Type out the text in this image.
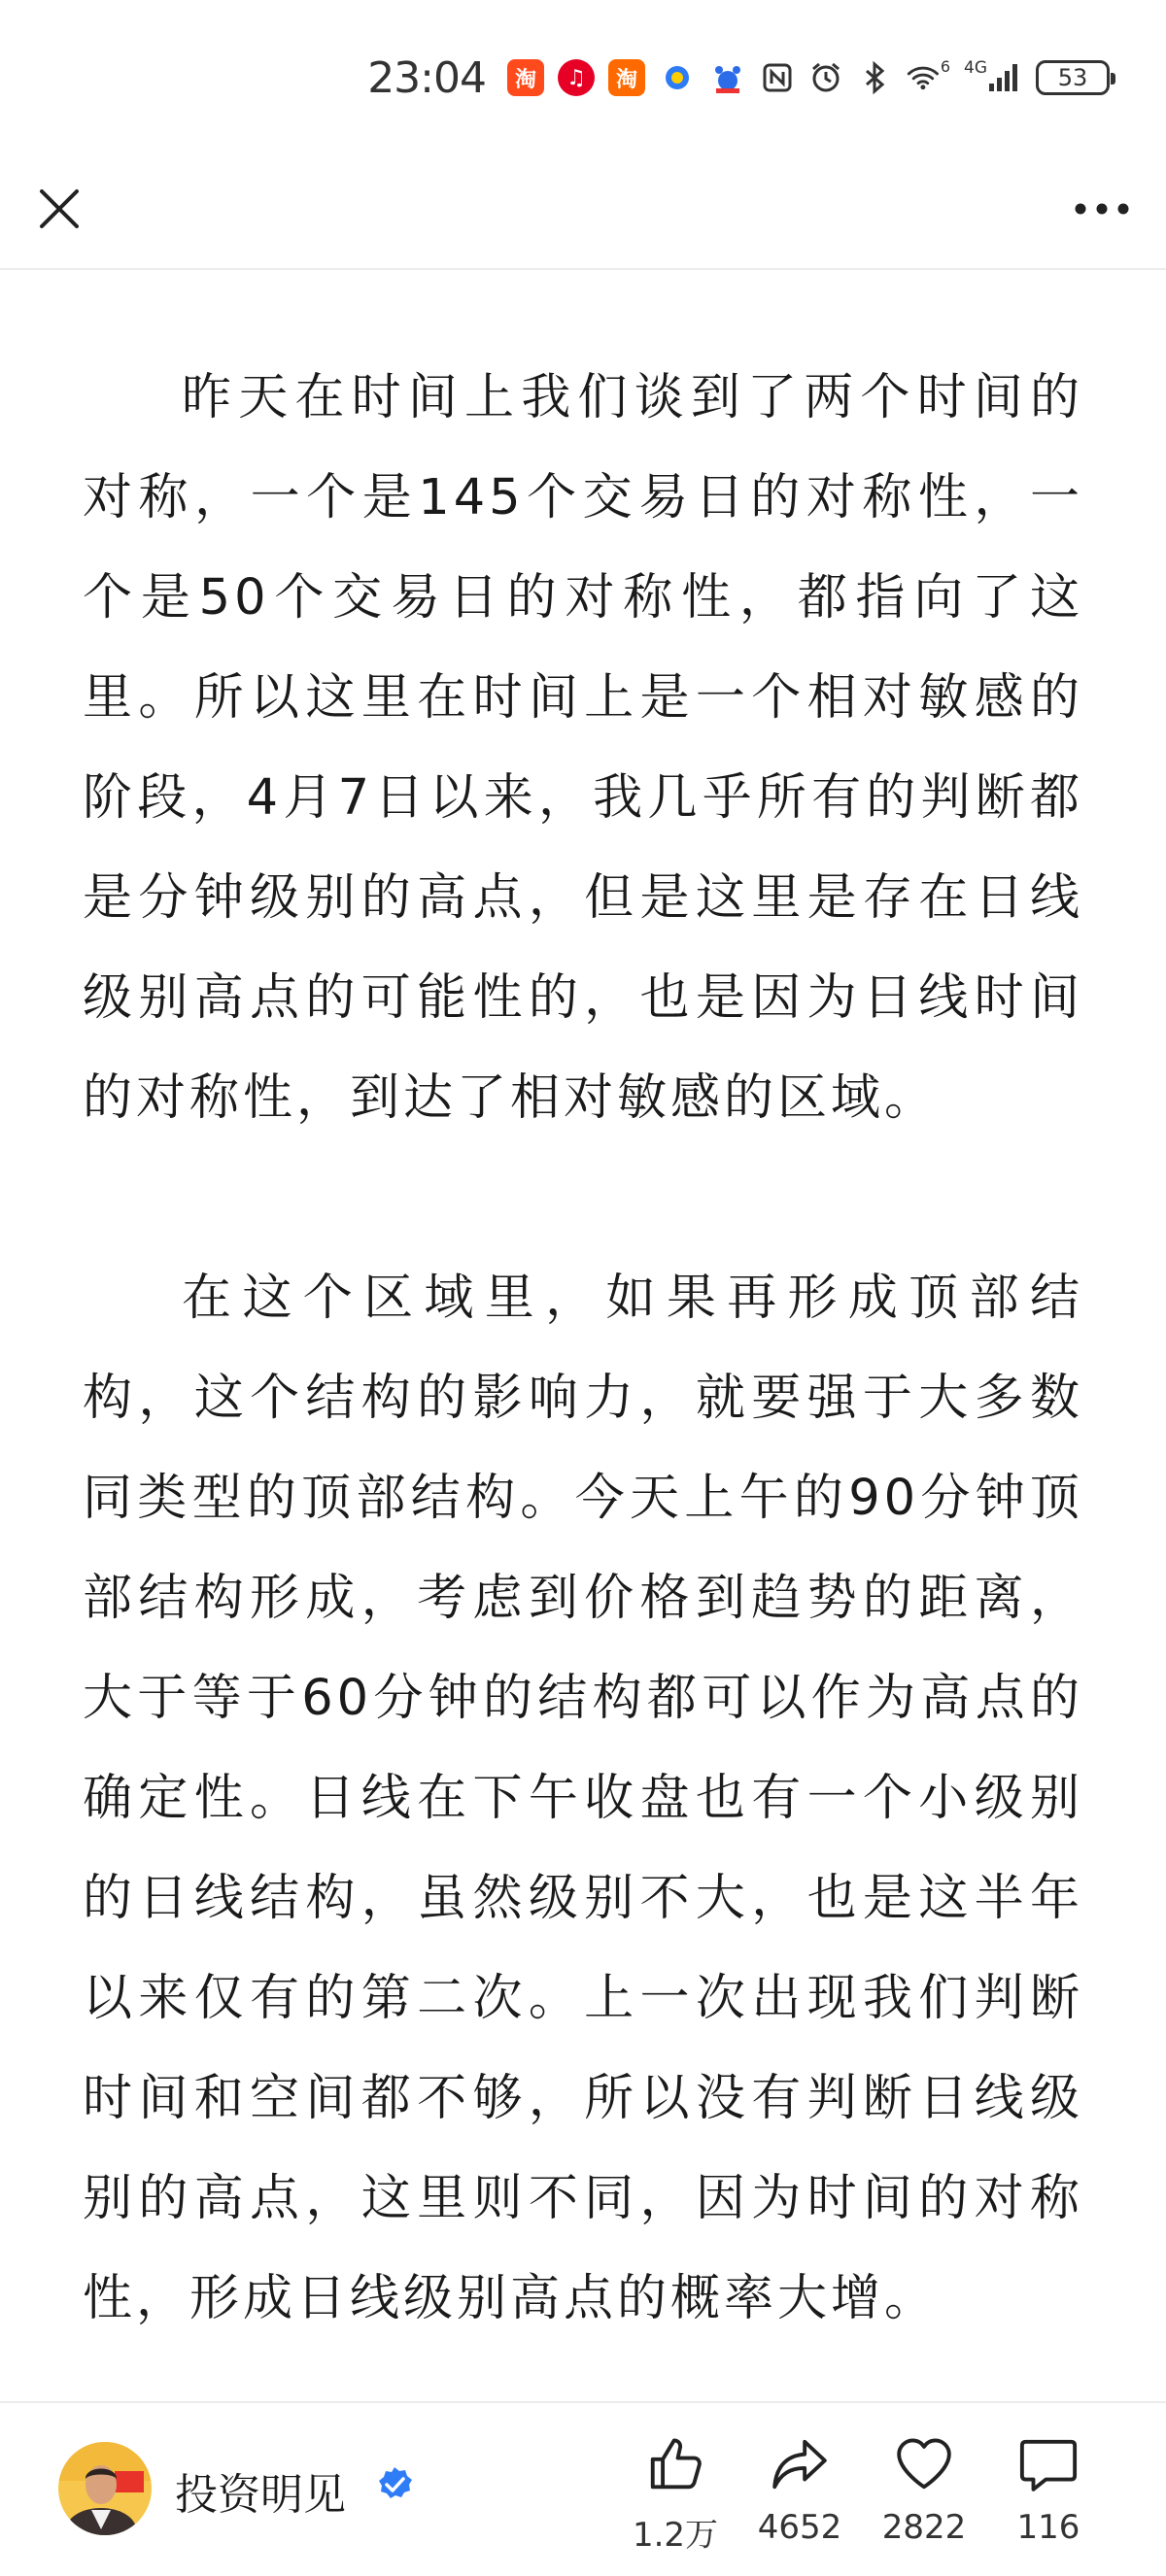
23:04 淘 ♫ 淘
6 4G	53

昨天在时间上我们谈到了两个时间的对称，一个是145个交易日的对称性，一个是50个交易日的对称性，都指向了这里。所以这里在时间上是一个相对敏感的阶段，4月7日以来，我几乎所有的判断都是分钟级别的高点，但是这里是存在日线级别高点的可能性的，也是因为日线时间的对称性，到达了相对敏感的区域。

在这个区域里，如果再形成顶部结构，这个结构的影响力，就要强于大多数同类型的顶部结构。今天上午的90分钟顶部结构形成，考虑到价格到趋势的距离，大于等于60分钟的结构都可以作为高点的确定性。日线在下午收盘也有一个小级别的日线结构，虽然级别不大，也是这半年以来仅有的第二次。上一次出现我们判断时间和空间都不够，所以没有判断日线级别的高点，这里则不同，因为时间的对称性，形成日线级别高点的概率大增。

投资明见
1.2万 4652 2822 116
